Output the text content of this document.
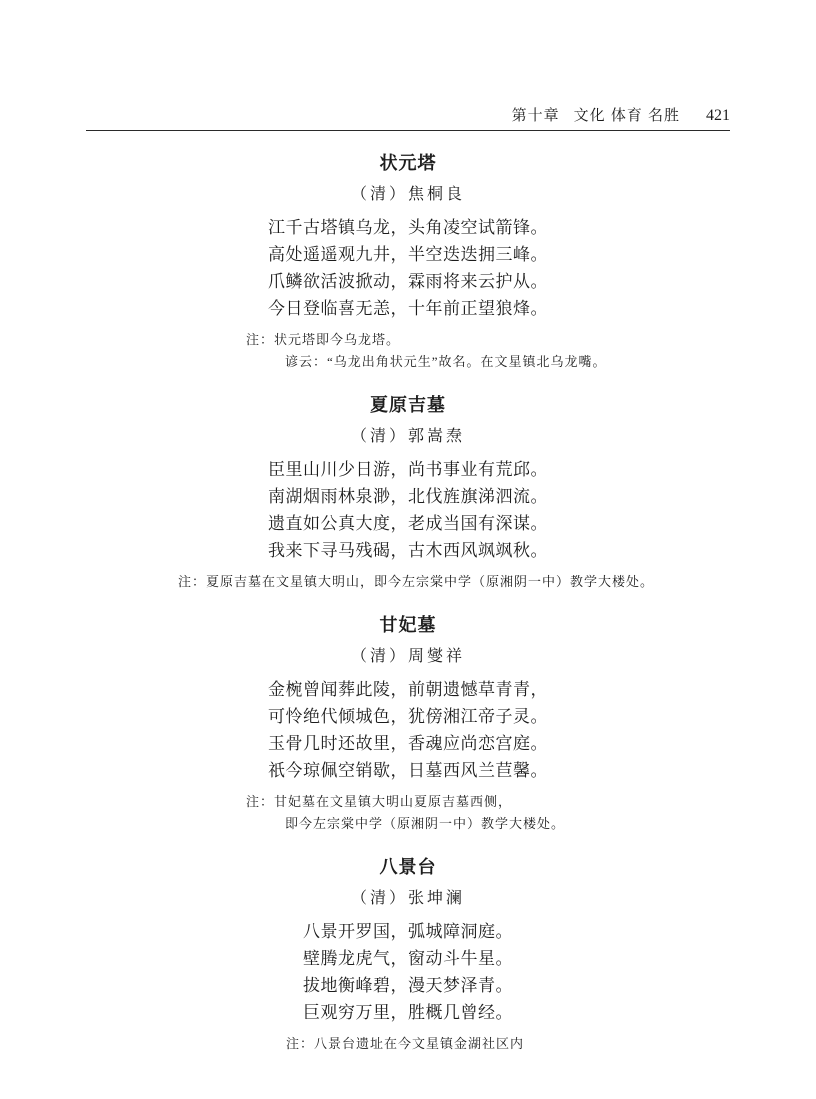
第十章 文化 体育 名胜 421
状元塔
（清）焦桐良
江千古塔镇乌龙，头角凌空试箭锋。
高处遥遥观九井，半空迭迭拥三峰。
爪鳞欲活波掀动，霖雨将来云护从。
今日登临喜无恙，十年前正望狼烽。
注：状元塔即今乌龙塔。
谚云：“乌龙出角状元生”故名。在文星镇北乌龙嘴。
夏原吉墓
（清）郭嵩焘
臣里山川少日游，尚书事业有荒邱。
南湖烟雨林泉渺，北伐旌旗涕泗流。
遗直如公真大度，老成当国有深谋。
我来下寻马残碣，古木西风飒飒秋。
注：夏原吉墓在文星镇大明山，即今左宗棠中学（原湘阴一中）教学大楼处。
甘妃墓
（清）周燮祥
金椀曾闻葬此陵，前朝遗憾草青青，
可怜绝代倾城色，犹傍湘江帝子灵。
玉骨几时还故里，香魂应尚恋宫庭。
祇今琼佩空销歇，日墓西风兰苣馨。
注：甘妃墓在文星镇大明山夏原吉墓西侧，
即今左宗棠中学（原湘阴一中）教学大楼处。
八景台
（清）张坤澜
八景开罗国，弧城障洞庭。
壁腾龙虎气，窗动斗牛星。
拔地衡峰碧，漫天梦泽青。
巨观穷万里，胜概几曾经。
注：八景台遗址在今文星镇金湖社区内
